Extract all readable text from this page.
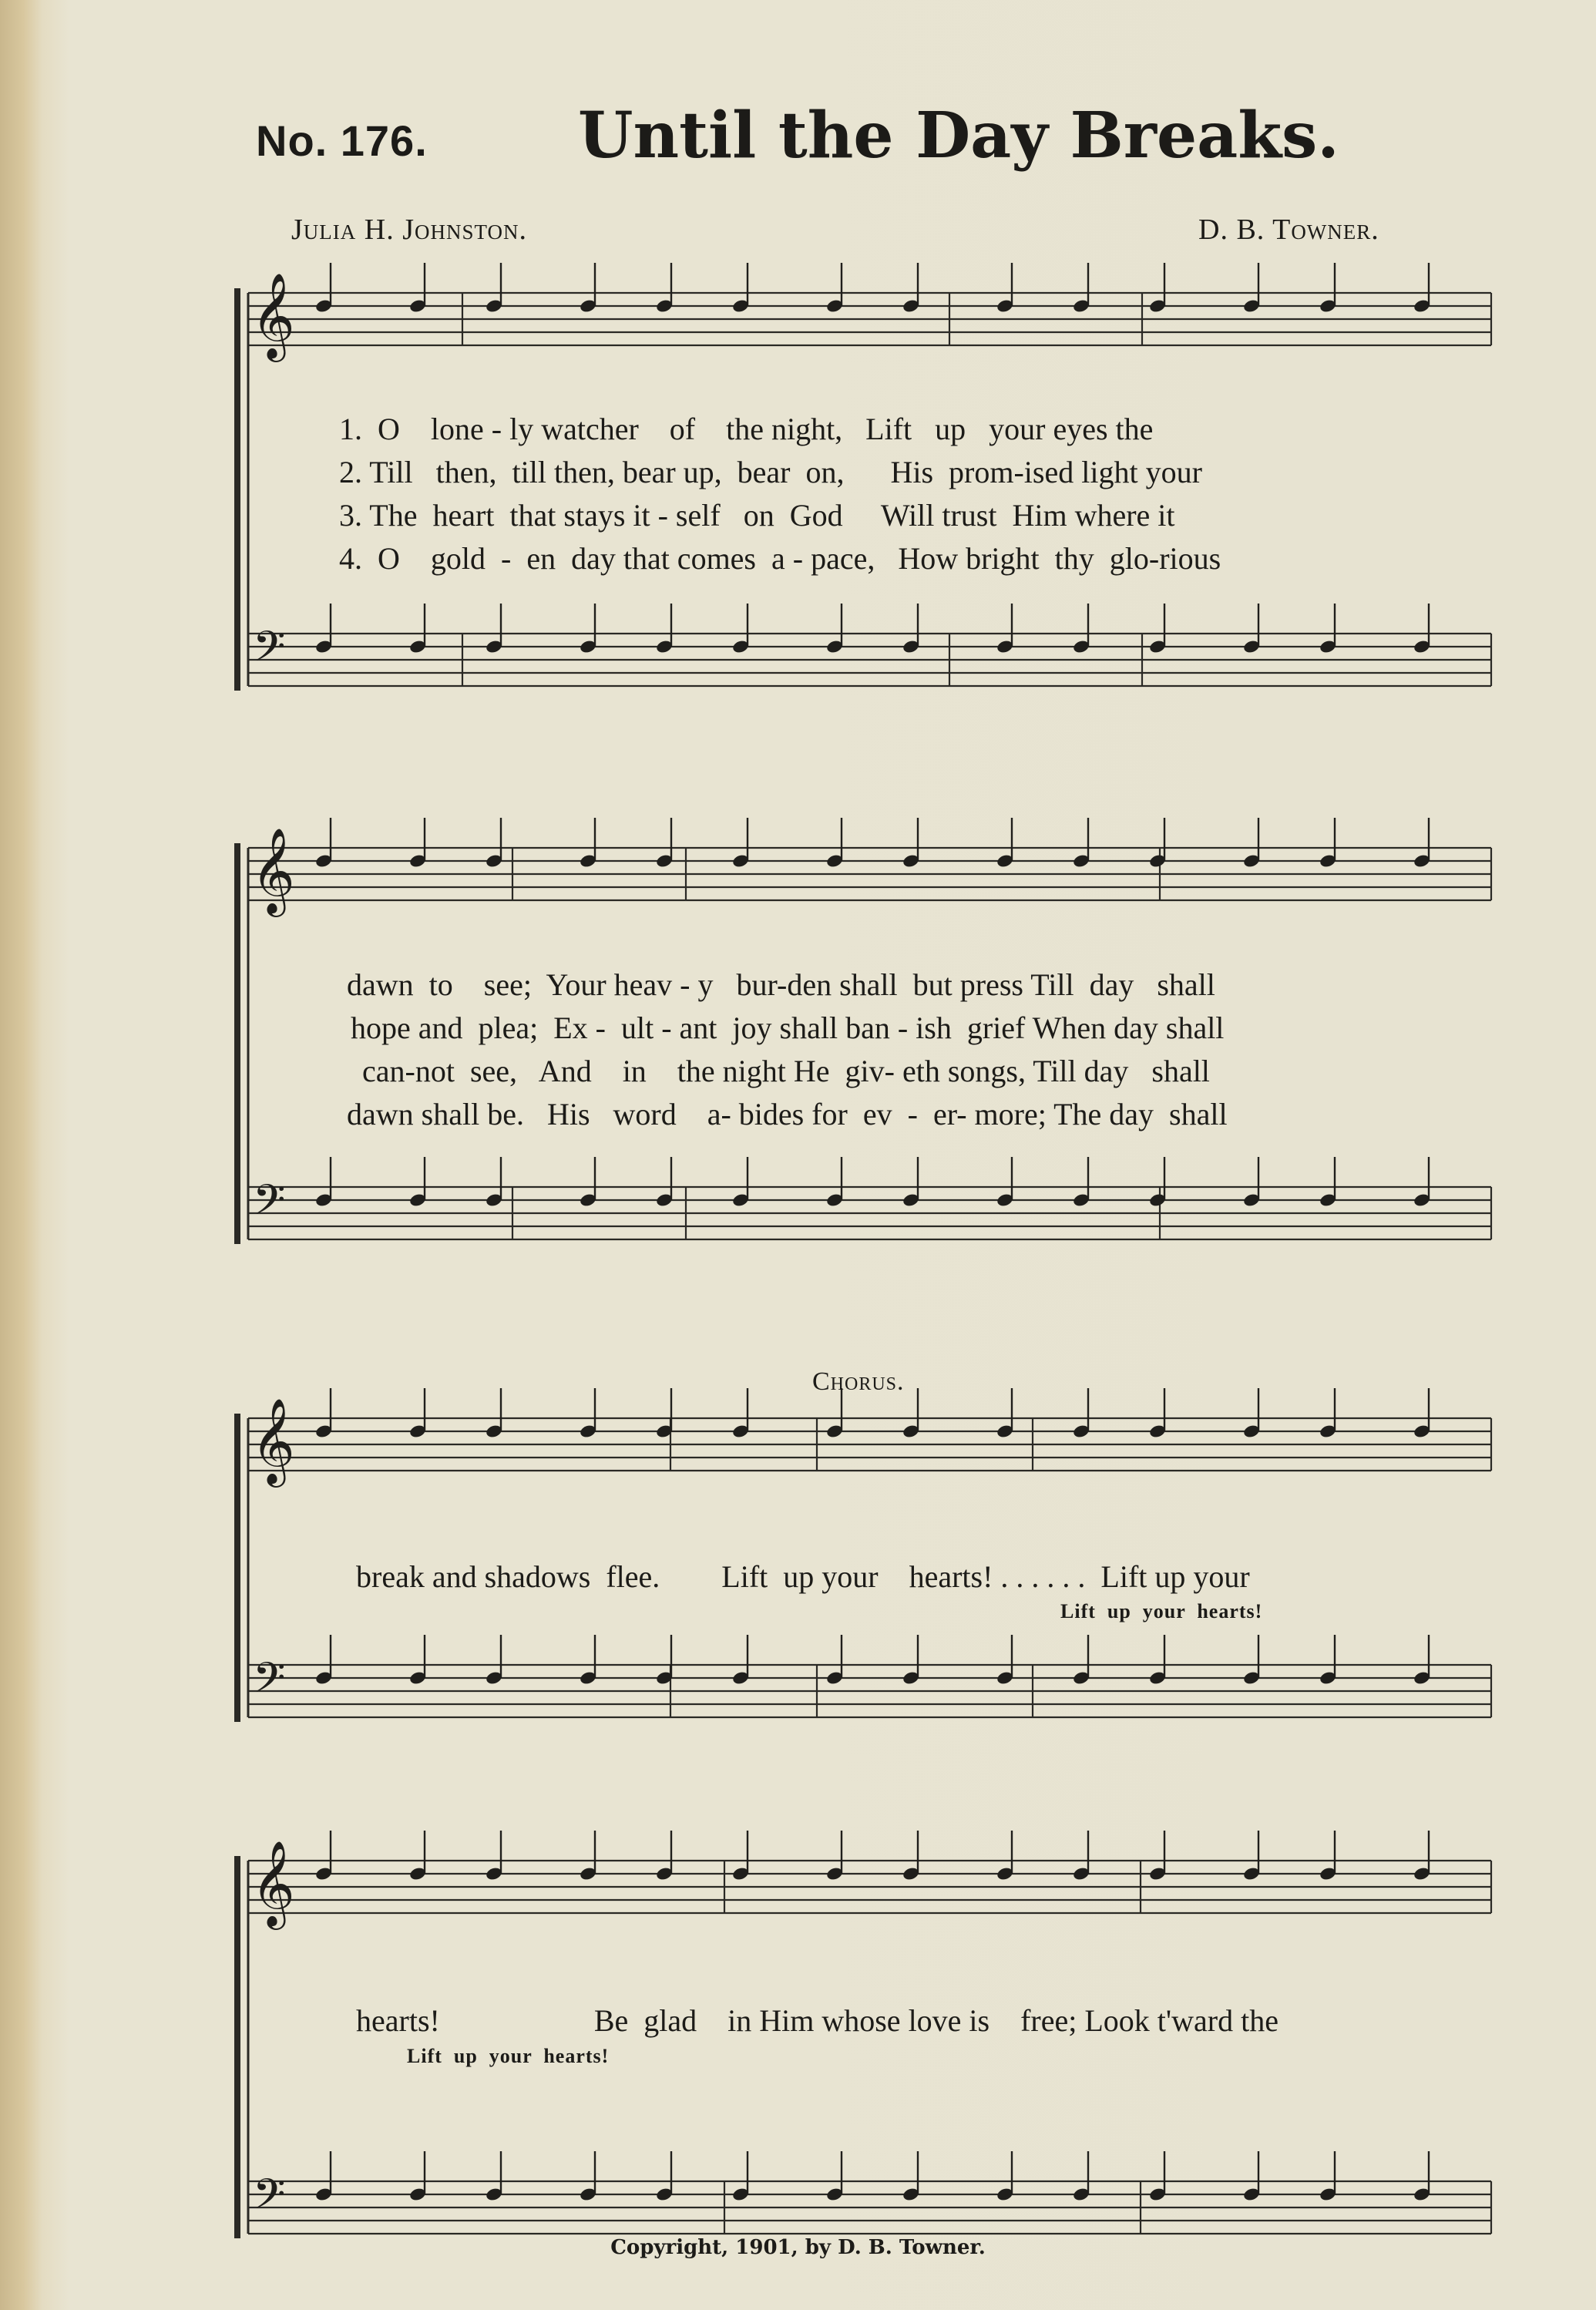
No. 176. Until the Day Breaks.
Julia H. Johnston.	D. B. Towner.
𝄞
𝄢
𝄞
𝄢
𝄞
𝄢
𝄞
𝄢
1.  O    lone - ly watcher    of    the night,   Lift   up   your eyes the
2. Till   then,  till then, bear up,  bear  on,      His  prom-ised light your
3. The  heart  that stays it - self   on  God     Will trust  Him where it
4.  O    gold  -  en  day that comes  a - pace,   How bright  thy  glo-rious
dawn  to    see;  Your heav - y   bur-den shall  but press Till  day   shall
hope and  plea;  Ex -  ult - ant  joy shall ban - ish  grief When day shall
can-not  see,   And    in    the night He  giv- eth songs, Till day   shall
dawn shall be.   His   word    a- bides for  ev  -  er- more; The day  shall
Chorus.
break and shadows  flee.        Lift  up your    hearts! . . . . . .  Lift up your
Lift  up  your  hearts!
hearts!                    Be  glad    in Him whose love is    free; Look t'ward the
Lift  up  your  hearts!
Copyright, 1901, by D. B. Towner.
